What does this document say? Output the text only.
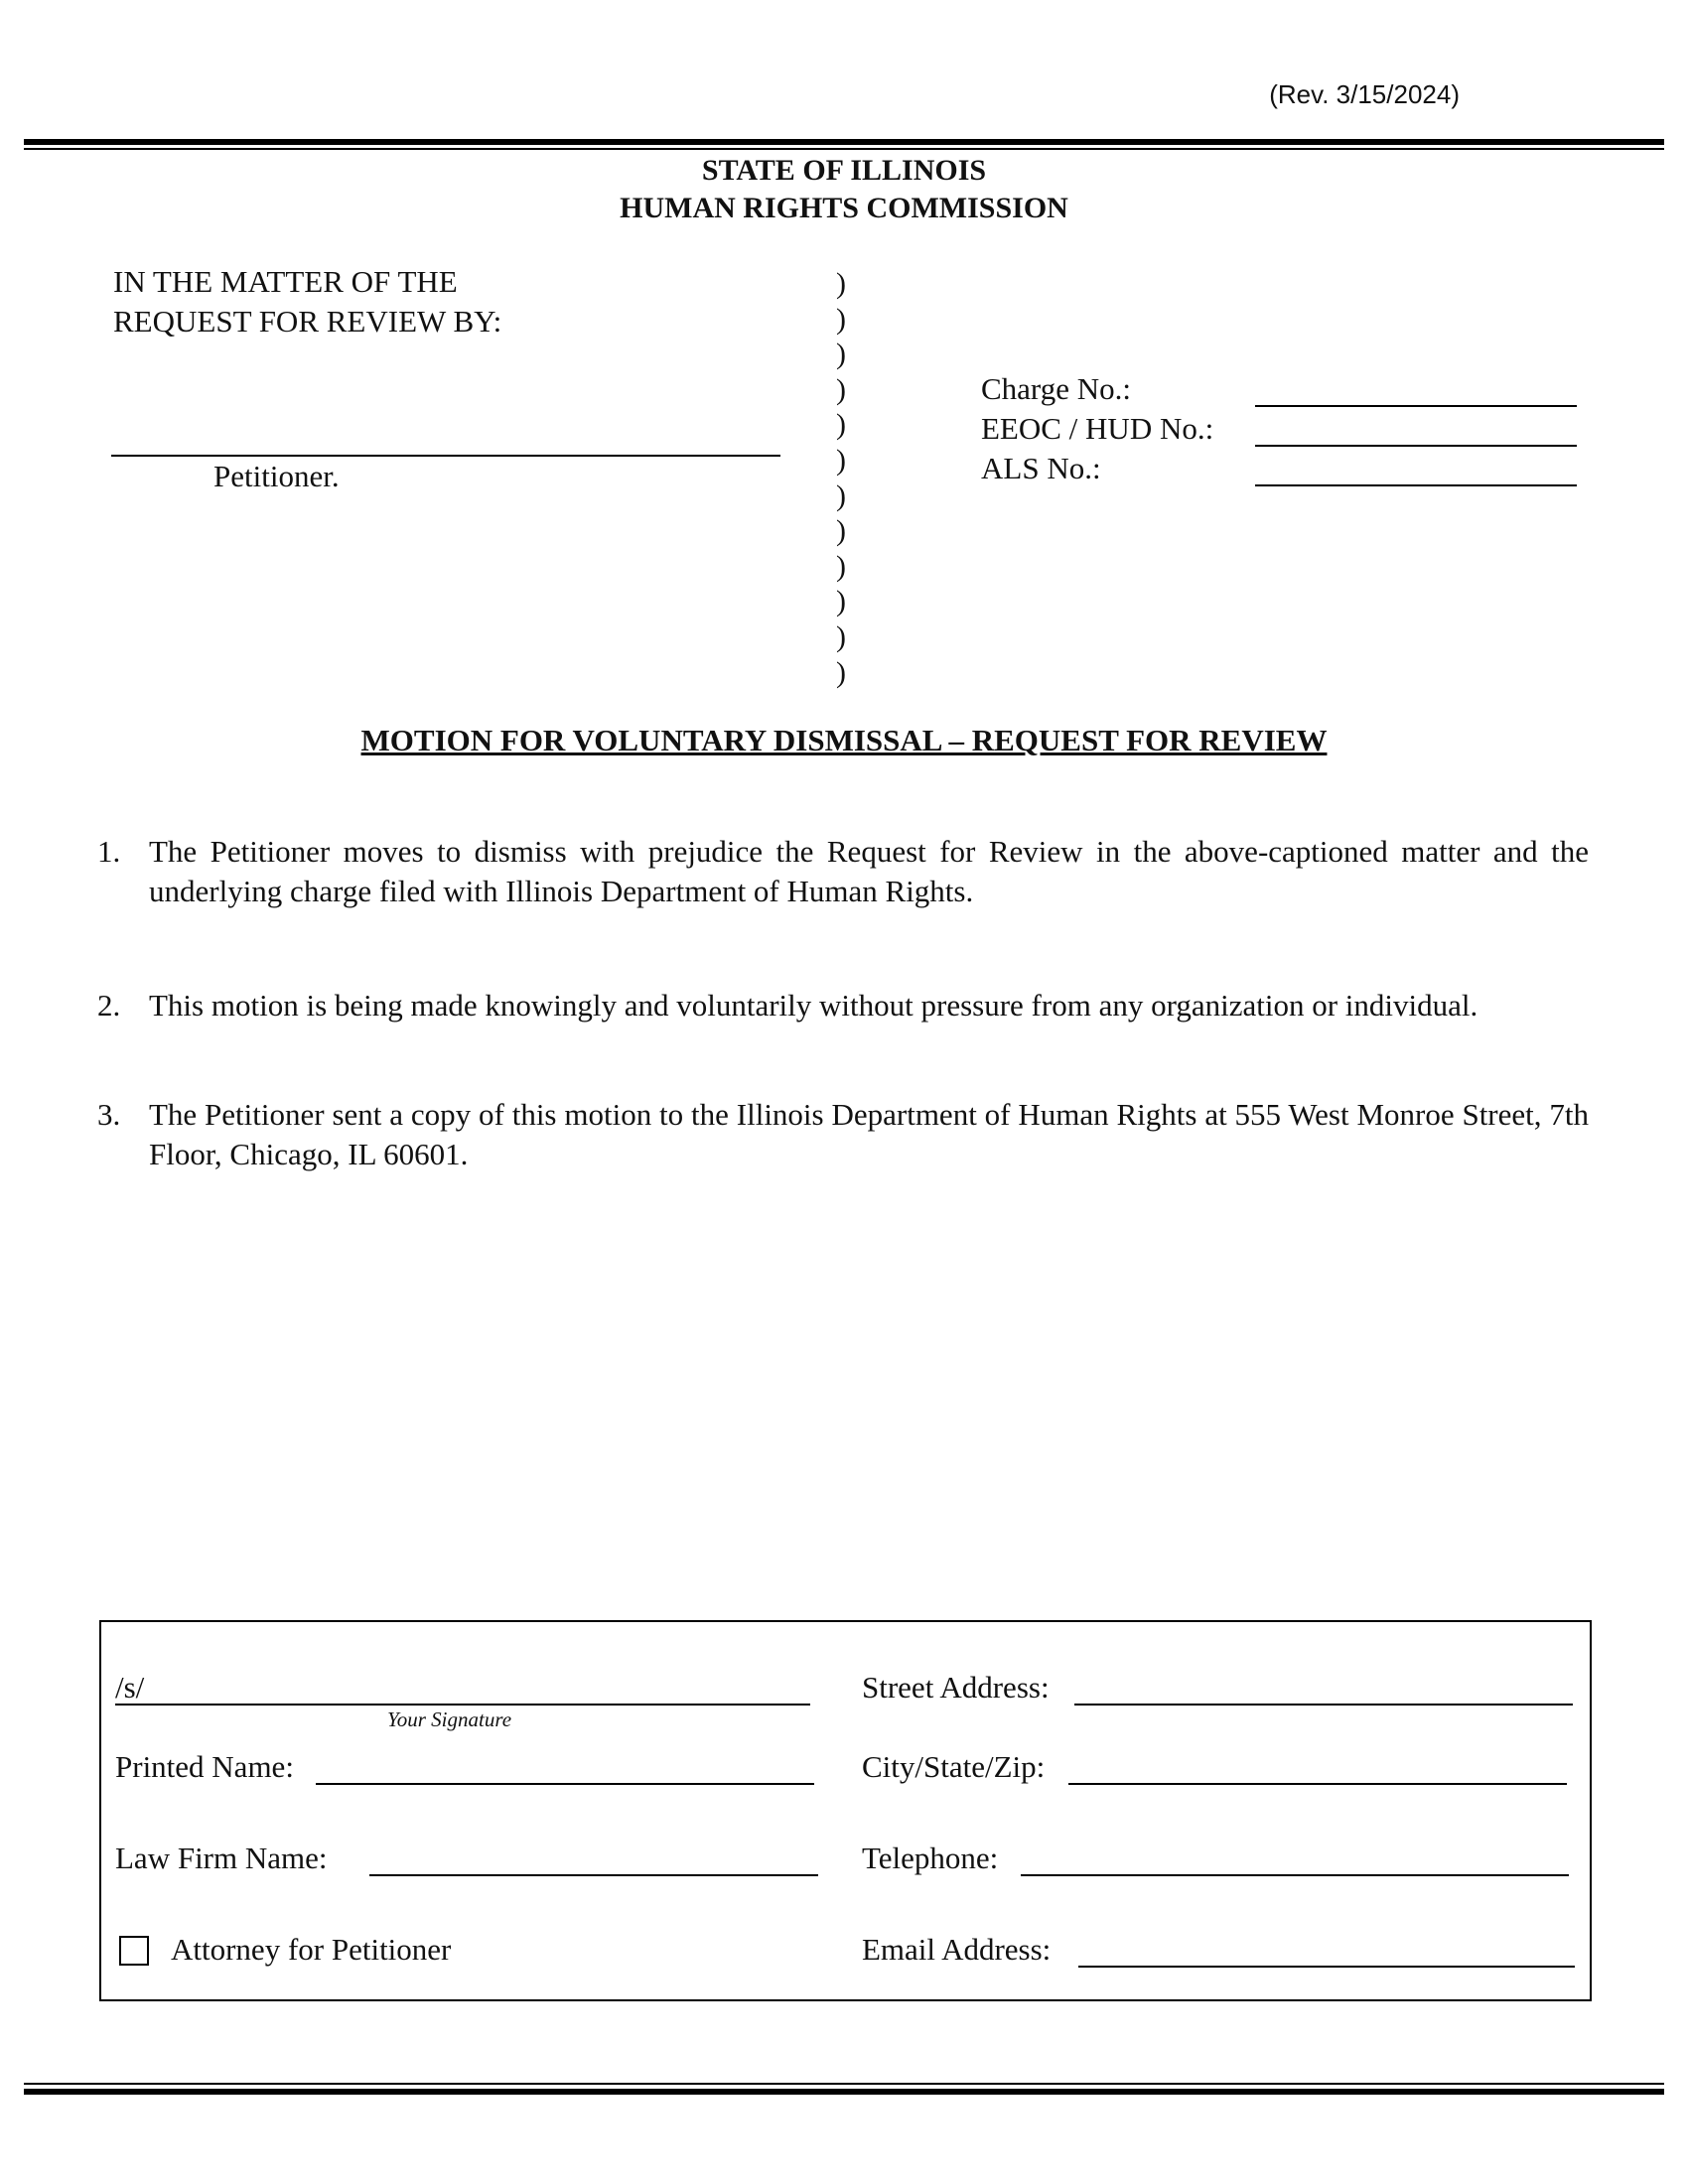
(Rev. 3/15/2024)
STATE OF ILLINOIS
HUMAN RIGHTS COMMISSION
IN THE MATTER OF THE
REQUEST FOR REVIEW BY:
Petitioner.
)
)
)
)
)
)
)
)
)
)
)
)
Charge No.:
EEOC / HUD No.:
ALS No.:
MOTION FOR VOLUNTARY DISMISSAL – REQUEST FOR REVIEW
1. The Petitioner moves to dismiss with prejudice the Request for Review in the above-captioned matter and the underlying charge filed with Illinois Department of Human Rights.
2. This motion is being made knowingly and voluntarily without pressure from any organization or individual.
3. The Petitioner sent a copy of this motion to the Illinois Department of Human Rights at 555 West Monroe Street, 7th Floor, Chicago, IL 60601.
/s/
Your Signature
Printed Name:
Law Firm Name:
Attorney for Petitioner
Street Address:
City/State/Zip:
Telephone:
Email Address:
